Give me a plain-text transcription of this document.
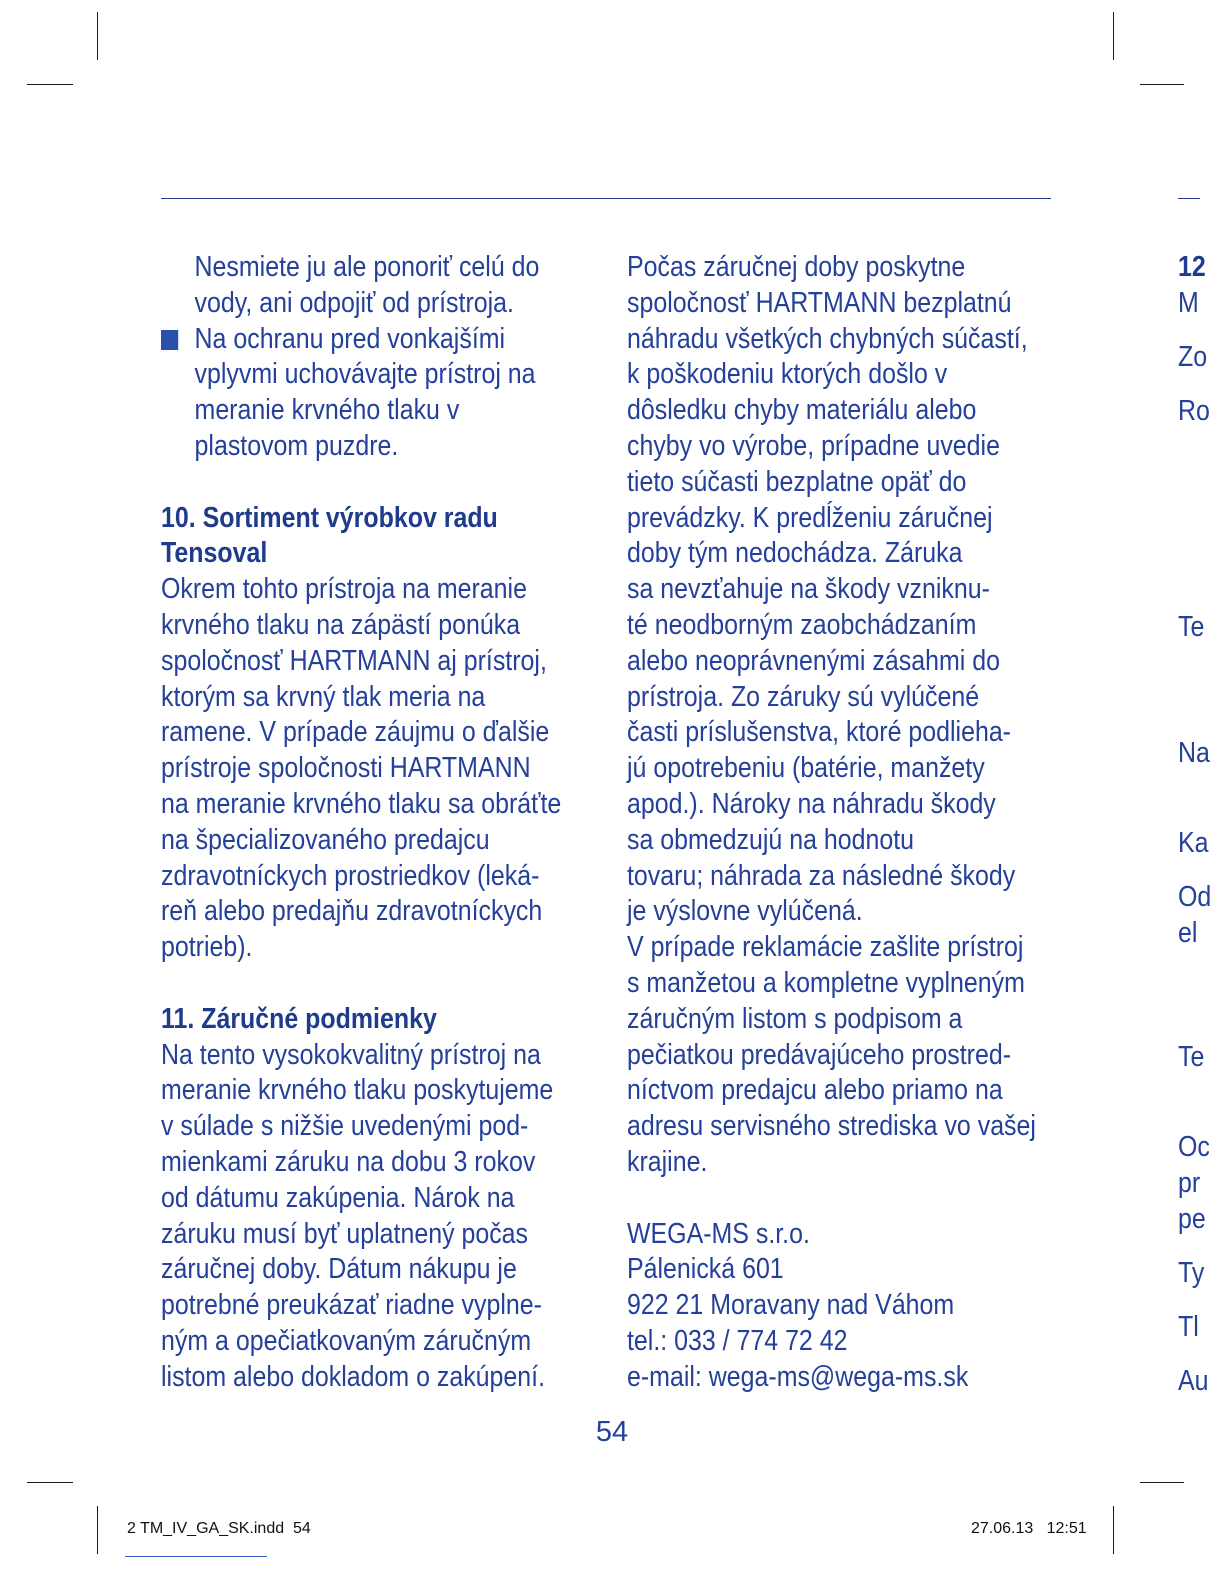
Nesmiete ju ale ponoriť celú do
vody, ani odpojiť od prístroja.
Na ochranu pred vonkajšími
vplyvmi uchovávajte prístroj na
meranie krvného tlaku v
plastovom puzdre.
10. Sortiment výrobkov radu
Tensoval
Okrem tohto prístroja na meranie
krvného tlaku na zápästí ponúka
spoločnosť HARTMANN aj prístroj,
ktorým sa krvný tlak meria na
ramene. V prípade záujmu o ďalšie
prístroje spoločnosti HARTMANN
na meranie krvného tlaku sa obráťte
na špecializovaného predajcu
zdravotníckych prostriedkov (leká-
reň alebo predajňu zdravotníckych
potrieb).
11. Záručné podmienky
Na tento vysokokvalitný prístroj na
meranie krvného tlaku poskytujeme
v súlade s nižšie uvedenými pod-
mienkami záruku na dobu 3 rokov
od dátumu zakúpenia. Nárok na
záruku musí byť uplatnený počas
záručnej doby. Dátum nákupu je
potrebné preukázať riadne vyplne-
ným a opečiatkovaným záručným
listom alebo dokladom o zakúpení.
Počas záručnej doby poskytne
spoločnosť HARTMANN bezplatnú
náhradu všetkých chybných súčastí,
k poškodeniu ktorých došlo v
dôsledku chyby materiálu alebo
chyby vo výrobe, prípadne uvedie
tieto súčasti bezplatne opäť do
prevádzky. K predĺženiu záručnej
doby tým nedochádza. Záruka
sa nevzťahuje na škody vzniknu-
té neodborným zaobchádzaním
alebo neoprávnenými zásahmi do
prístroja. Zo záruky sú vylúčené
časti príslušenstva, ktoré podlieha-
jú opotrebeniu (batérie, manžety
apod.). Nároky na náhradu škody
sa obmedzujú na hodnotu
tovaru; náhrada za následné škody
je výslovne vylúčená.
V prípade reklamácie zašlite prístroj
s manžetou a kompletne vyplneným
záručným listom s podpisom a
pečiatkou predávajúceho prostred-
níctvom predajcu alebo priamo na
adresu servisného strediska vo vašej
krajine.
WEGA-MS s.r.o.
Pálenická 601
922 21 Moravany nad Váhom
tel.: 033 / 774 72 42
e-mail: wega-ms@wega-ms.sk
12
M
Zo
Ro
Te
Na
Ka
Od
el
Te
Oc
pr
pe
Ty
Tl
Au
54
2 TM_IV_GA_SK.indd 54	27.06.13 12:51
